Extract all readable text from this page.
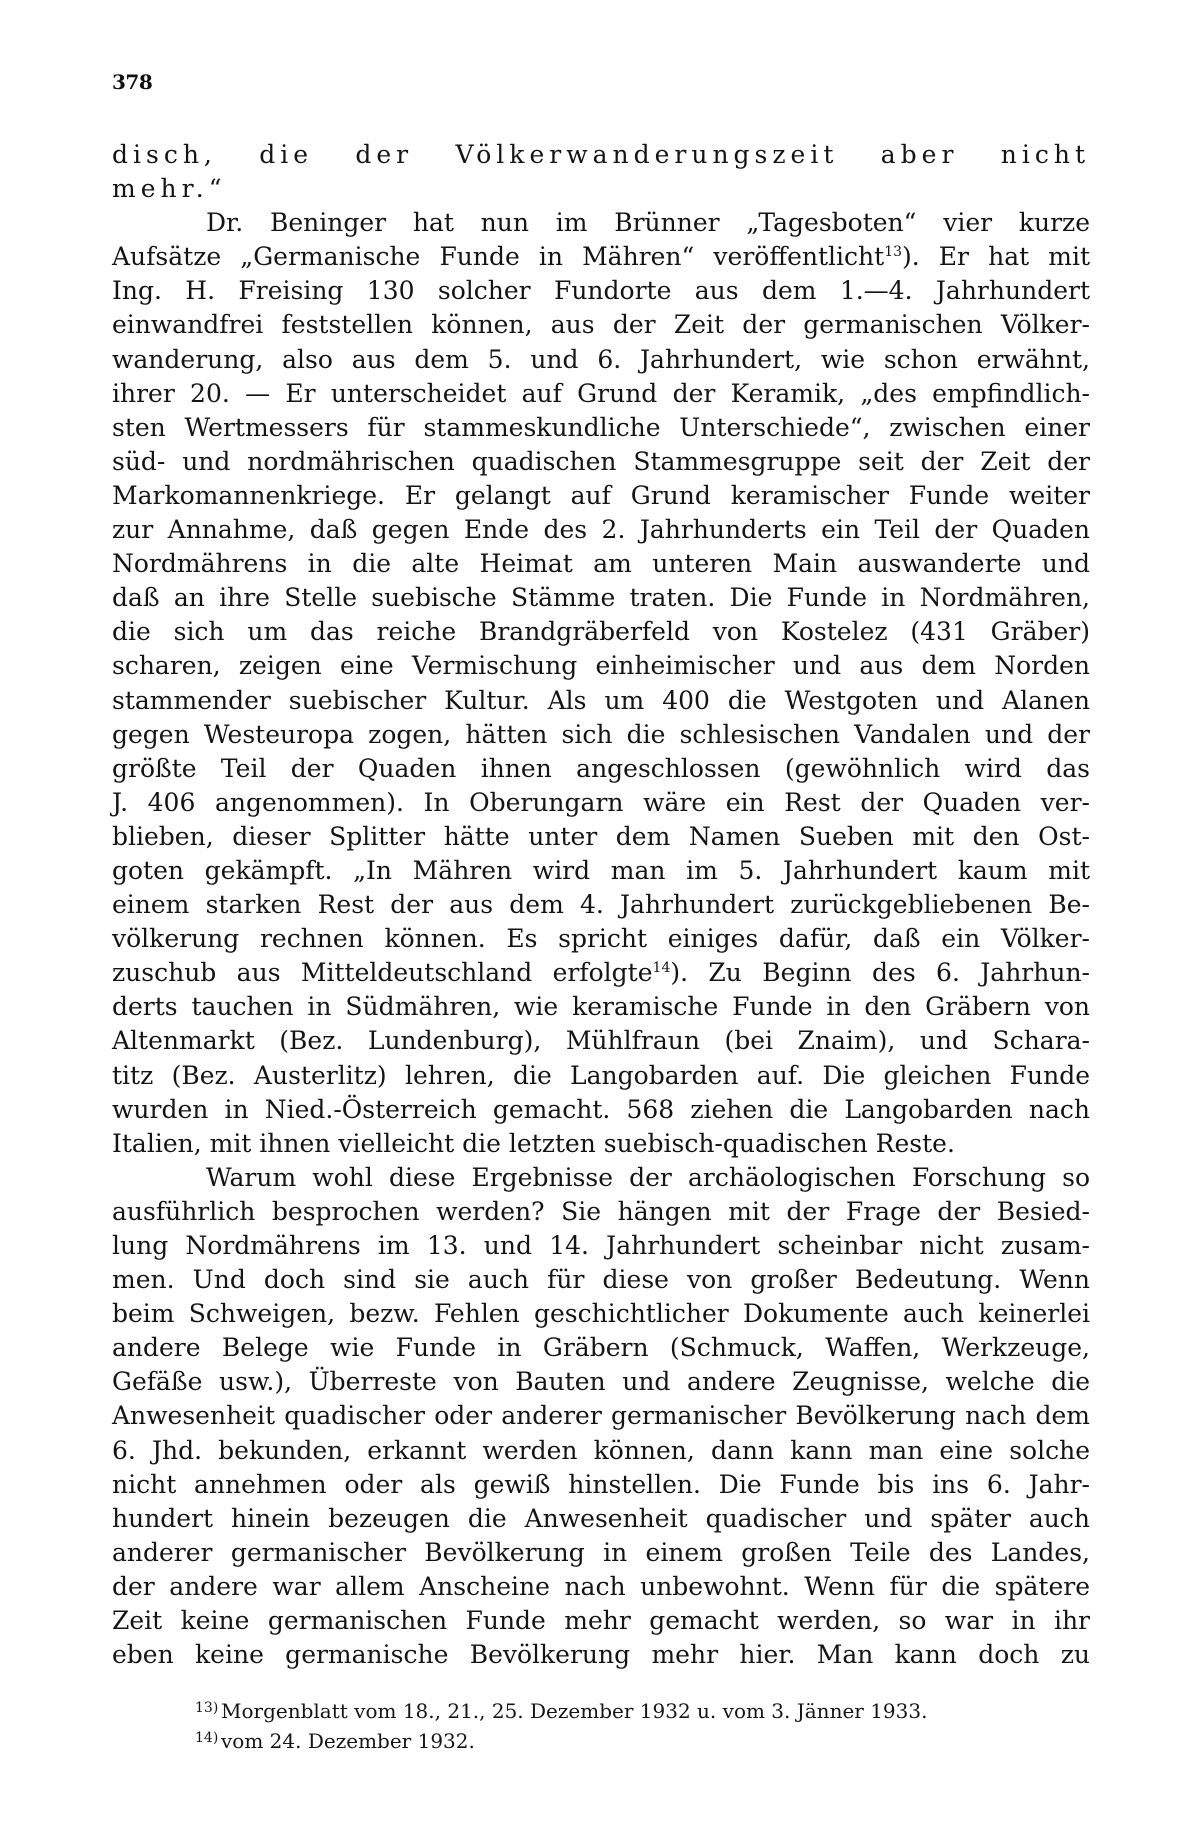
378
disch, die der Völkerwanderungszeit aber nicht
mehr.“
Dr. Beninger hat nun im Brünner „Tagesboten“ vier kurze
Aufsätze „Germanische Funde in Mähren“ veröffentlicht$^{13}$). Er hat mit
Ing. H. Freising 130 solcher Fundorte aus dem 1.—4. Jahrhundert
einwandfrei feststellen können, aus der Zeit der germanischen Völker-
wanderung, also aus dem 5. und 6. Jahrhundert, wie schon erwähnt,
ihrer 20. — Er unterscheidet auf Grund der Keramik, „des empfindlich-
sten Wertmessers für stammeskundliche Unterschiede“, zwischen einer
süd- und nordmährischen quadischen Stammesgruppe seit der Zeit der
Markomannenkriege. Er gelangt auf Grund keramischer Funde weiter
zur Annahme, daß gegen Ende des 2. Jahrhunderts ein Teil der Quaden
Nordmährens in die alte Heimat am unteren Main auswanderte und
daß an ihre Stelle suebische Stämme traten. Die Funde in Nordmähren,
die sich um das reiche Brandgräberfeld von Kostelez (431 Gräber)
scharen, zeigen eine Vermischung einheimischer und aus dem Norden
stammender suebischer Kultur. Als um 400 die Westgoten und Alanen
gegen Westeuropa zogen, hätten sich die schlesischen Vandalen und der
größte Teil der Quaden ihnen angeschlossen (gewöhnlich wird das
J. 406 angenommen). In Oberungarn wäre ein Rest der Quaden ver-
blieben, dieser Splitter hätte unter dem Namen Sueben mit den Ost-
goten gekämpft. „In Mähren wird man im 5. Jahrhundert kaum mit
einem starken Rest der aus dem 4. Jahrhundert zurückgebliebenen Be-
völkerung rechnen können. Es spricht einiges dafür, daß ein Völker-
zuschub aus Mitteldeutschland erfolgte$^{14}$). Zu Beginn des 6. Jahrhun-
derts tauchen in Südmähren, wie keramische Funde in den Gräbern von
Altenmarkt (Bez. Lundenburg), Mühlfraun (bei Znaim), und Schara-
titz (Bez. Austerlitz) lehren, die Langobarden auf. Die gleichen Funde
wurden in Nied.-Österreich gemacht. 568 ziehen die Langobarden nach
Italien, mit ihnen vielleicht die letzten suebisch-quadischen Reste.
Warum wohl diese Ergebnisse der archäologischen Forschung so
ausführlich besprochen werden? Sie hängen mit der Frage der Besied-
lung Nordmährens im 13. und 14. Jahrhundert scheinbar nicht zusam-
men. Und doch sind sie auch für diese von großer Bedeutung. Wenn
beim Schweigen, bezw. Fehlen geschichtlicher Dokumente auch keinerlei
andere Belege wie Funde in Gräbern (Schmuck, Waffen, Werkzeuge,
Gefäße usw.), Überreste von Bauten und andere Zeugnisse, welche die
Anwesenheit quadischer oder anderer germanischer Bevölkerung nach dem
6. Jhd. bekunden, erkannt werden können, dann kann man eine solche
nicht annehmen oder als gewiß hinstellen. Die Funde bis ins 6. Jahr-
hundert hinein bezeugen die Anwesenheit quadischer und später auch
anderer germanischer Bevölkerung in einem großen Teile des Landes,
der andere war allem Anscheine nach unbewohnt. Wenn für die spätere
Zeit keine germanischen Funde mehr gemacht werden, so war in ihr
eben keine germanische Bevölkerung mehr hier. Man kann doch zu
13) Morgenblatt vom 18., 21., 25. Dezember 1932 u. vom 3. Jänner 1933.
14) vom 24. Dezember 1932.
